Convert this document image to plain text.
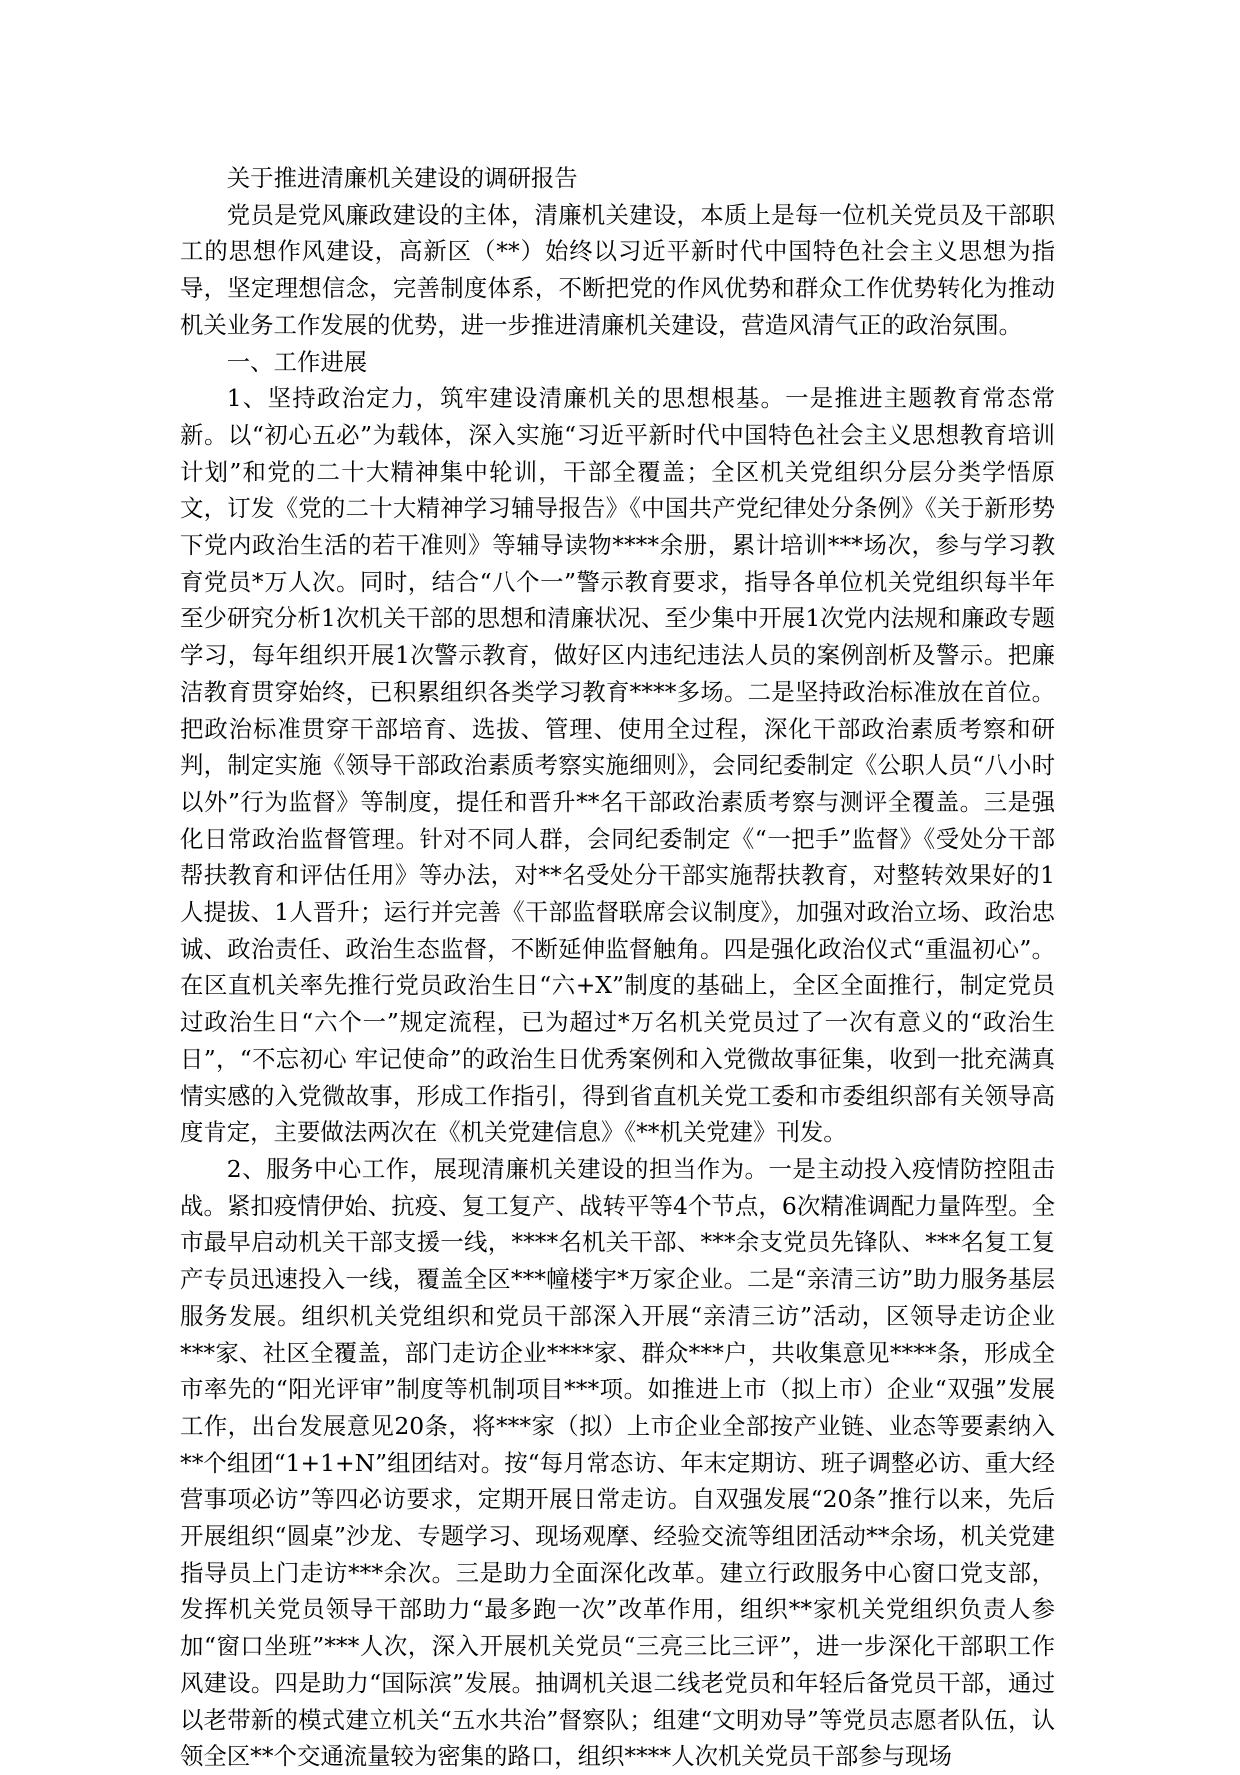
关于推进清廉机关建设的调研报告

党员是党风廉政建设的主体，清廉机关建设，本质上是每一位机关党员及干部职工的思想作风建设，高新区（**）始终以习近平新时代中国特色社会主义思想为指导，坚定理想信念，完善制度体系，不断把党的作风优势和群众工作优势转化为推动机关业务工作发展的优势，进一步推进清廉机关建设，营造风清气正的政治氛围。

一、工作进展

1、坚持政治定力，筑牢建设清廉机关的思想根基。一是推进主题教育常态常新。以“初心五必”为载体，深入实施“习近平新时代中国特色社会主义思想教育培训计划”和党的二十大精神集中轮训，干部全覆盖；全区机关党组织分层分类学悟原文，订发《党的二十大精神学习辅导报告》《中国共产党纪律处分条例》《关于新形势下党内政治生活的若干准则》等辅导读物****余册，累计培训***场次，参与学习教育党员*万人次。同时，结合“八个一”警示教育要求，指导各单位机关党组织每半年至少研究分析1次机关干部的思想和清廉状况、至少集中开展1次党内法规和廉政专题学习，每年组织开展1次警示教育，做好区内违纪违法人员的案例剖析及警示。把廉洁教育贯穿始终，已积累组织各类学习教育****多场。二是坚持政治标准放在首位。把政治标准贯穿干部培育、选拔、管理、使用全过程，深化干部政治素质考察和研判，制定实施《领导干部政治素质考察实施细则》，会同纪委制定《公职人员“八小时以外”行为监督》等制度，提任和晋升**名干部政治素质考察与测评全覆盖。三是强化日常政治监督管理。针对不同人群，会同纪委制定《“一把手”监督》《受处分干部帮扶教育和评估任用》等办法，对**名受处分干部实施帮扶教育，对整转效果好的1人提拔、1人晋升；运行并完善《干部监督联席会议制度》，加强对政治立场、政治忠诚、政治责任、政治生态监督，不断延伸监督触角。四是强化政治仪式“重温初心”。在区直机关率先推行党员政治生日“六+X”制度的基础上，全区全面推行，制定党员过政治生日“六个一”规定流程，已为超过*万名机关党员过了一次有意义的“政治生日”，“不忘初心 牢记使命”的政治生日优秀案例和入党微故事征集，收到一批充满真情实感的入党微故事，形成工作指引，得到省直机关党工委和市委组织部有关领导高度肯定，主要做法两次在《机关党建信息》《**机关党建》刊发。

2、服务中心工作，展现清廉机关建设的担当作为。一是主动投入疫情防控阻击战。紧扣疫情伊始、抗疫、复工复产、战转平等4个节点，6次精准调配力量阵型。全市最早启动机关干部支援一线，****名机关干部、***余支党员先锋队、***名复工复产专员迅速投入一线，覆盖全区***幢楼宇*万家企业。二是“亲清三访”助力服务基层服务发展。组织机关党组织和党员干部深入开展“亲清三访”活动，区领导走访企业***家、社区全覆盖，部门走访企业****家、群众***户，共收集意见****条，形成全市率先的“阳光评审”制度等机制项目***项。如推进上市（拟上市）企业“双强”发展工作，出台发展意见20条，将***家（拟）上市企业全部按产业链、业态等要素纳入**个组团“1+1+N”组团结对。按“每月常态访、年末定期访、班子调整必访、重大经营事项必访”等四必访要求，定期开展日常走访。自双强发展“20条”推行以来，先后开展组织“圆桌”沙龙、专题学习、现场观摩、经验交流等组团活动**余场，机关党建指导员上门走访***余次。三是助力全面深化改革。建立行政服务中心窗口党支部，发挥机关党员领导干部助力“最多跑一次”改革作用，组织**家机关党组织负责人参加“窗口坐班”***人次，深入开展机关党员“三亮三比三评”，进一步深化干部职工作风建设。四是助力“国际滨”发展。抽调机关退二线老党员和年轻后备党员干部，通过以老带新的模式建立机关“五水共治”督察队；组建“文明劝导”等党员志愿者队伍，认领全区**个交通流量较为密集的路口，组织****人次机关党员干部参与现场
